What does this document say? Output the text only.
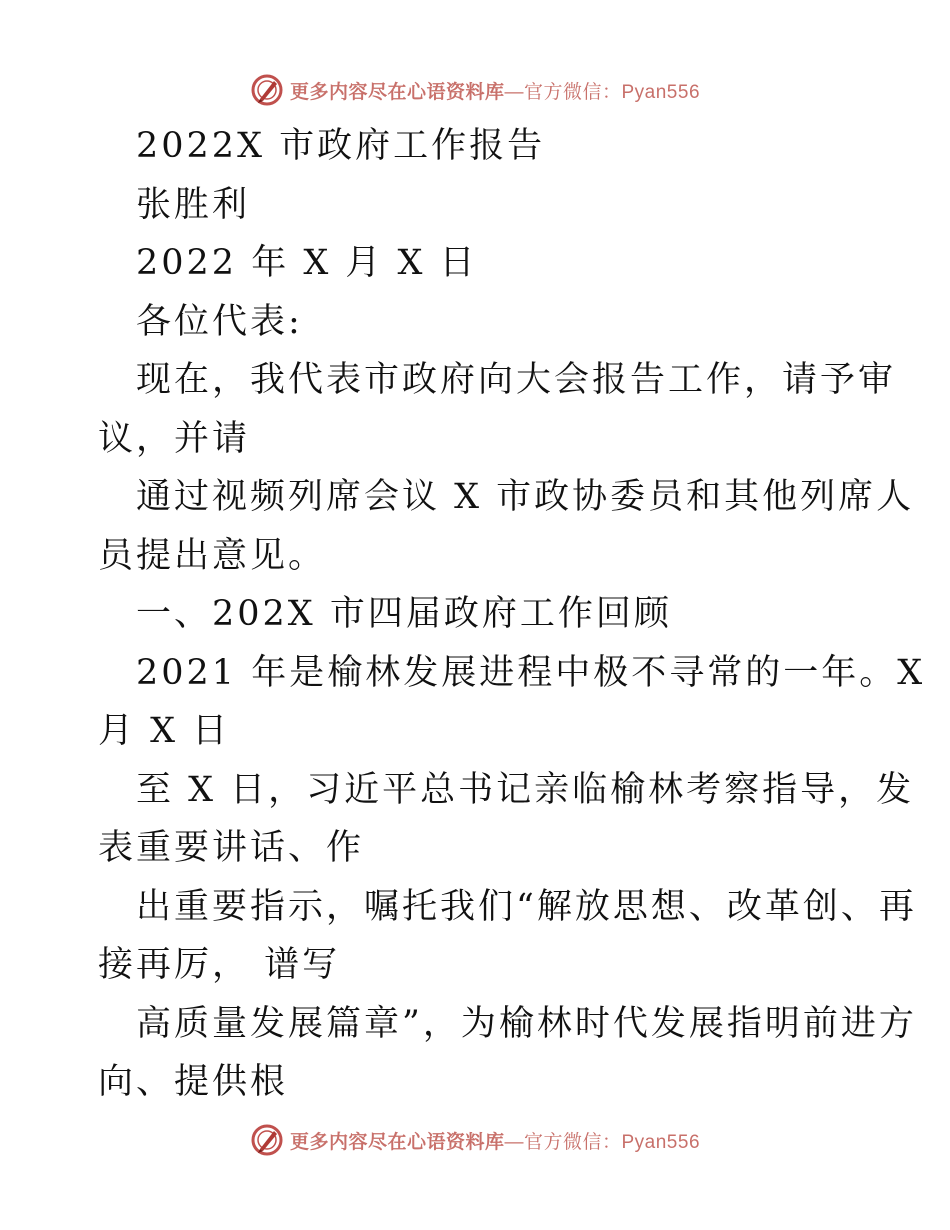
更多内容尽在心语资料库—官方微信：Pyan556
2022X 市政府工作报告
张胜利
2022 年 X 月 X 日
各位代表:
现在，我代表市政府向大会报告工作，请予审
议，并请
通过视频列席会议 X 市政协委员和其他列席人
员提出意见。
一、202X 市四届政府工作回顾
2021 年是榆林发展进程中极不寻常的一年。X
月 X 日
至 X 日，习近平总书记亲临榆林考察指导，发
表重要讲话、作
出重要指示，嘱托我们“解放思想、改革创、再
接再厉， 谱写
高质量发展篇章”，为榆林时代发展指明前进方
向、提供根
更多内容尽在心语资料库—官方微信：Pyan556
